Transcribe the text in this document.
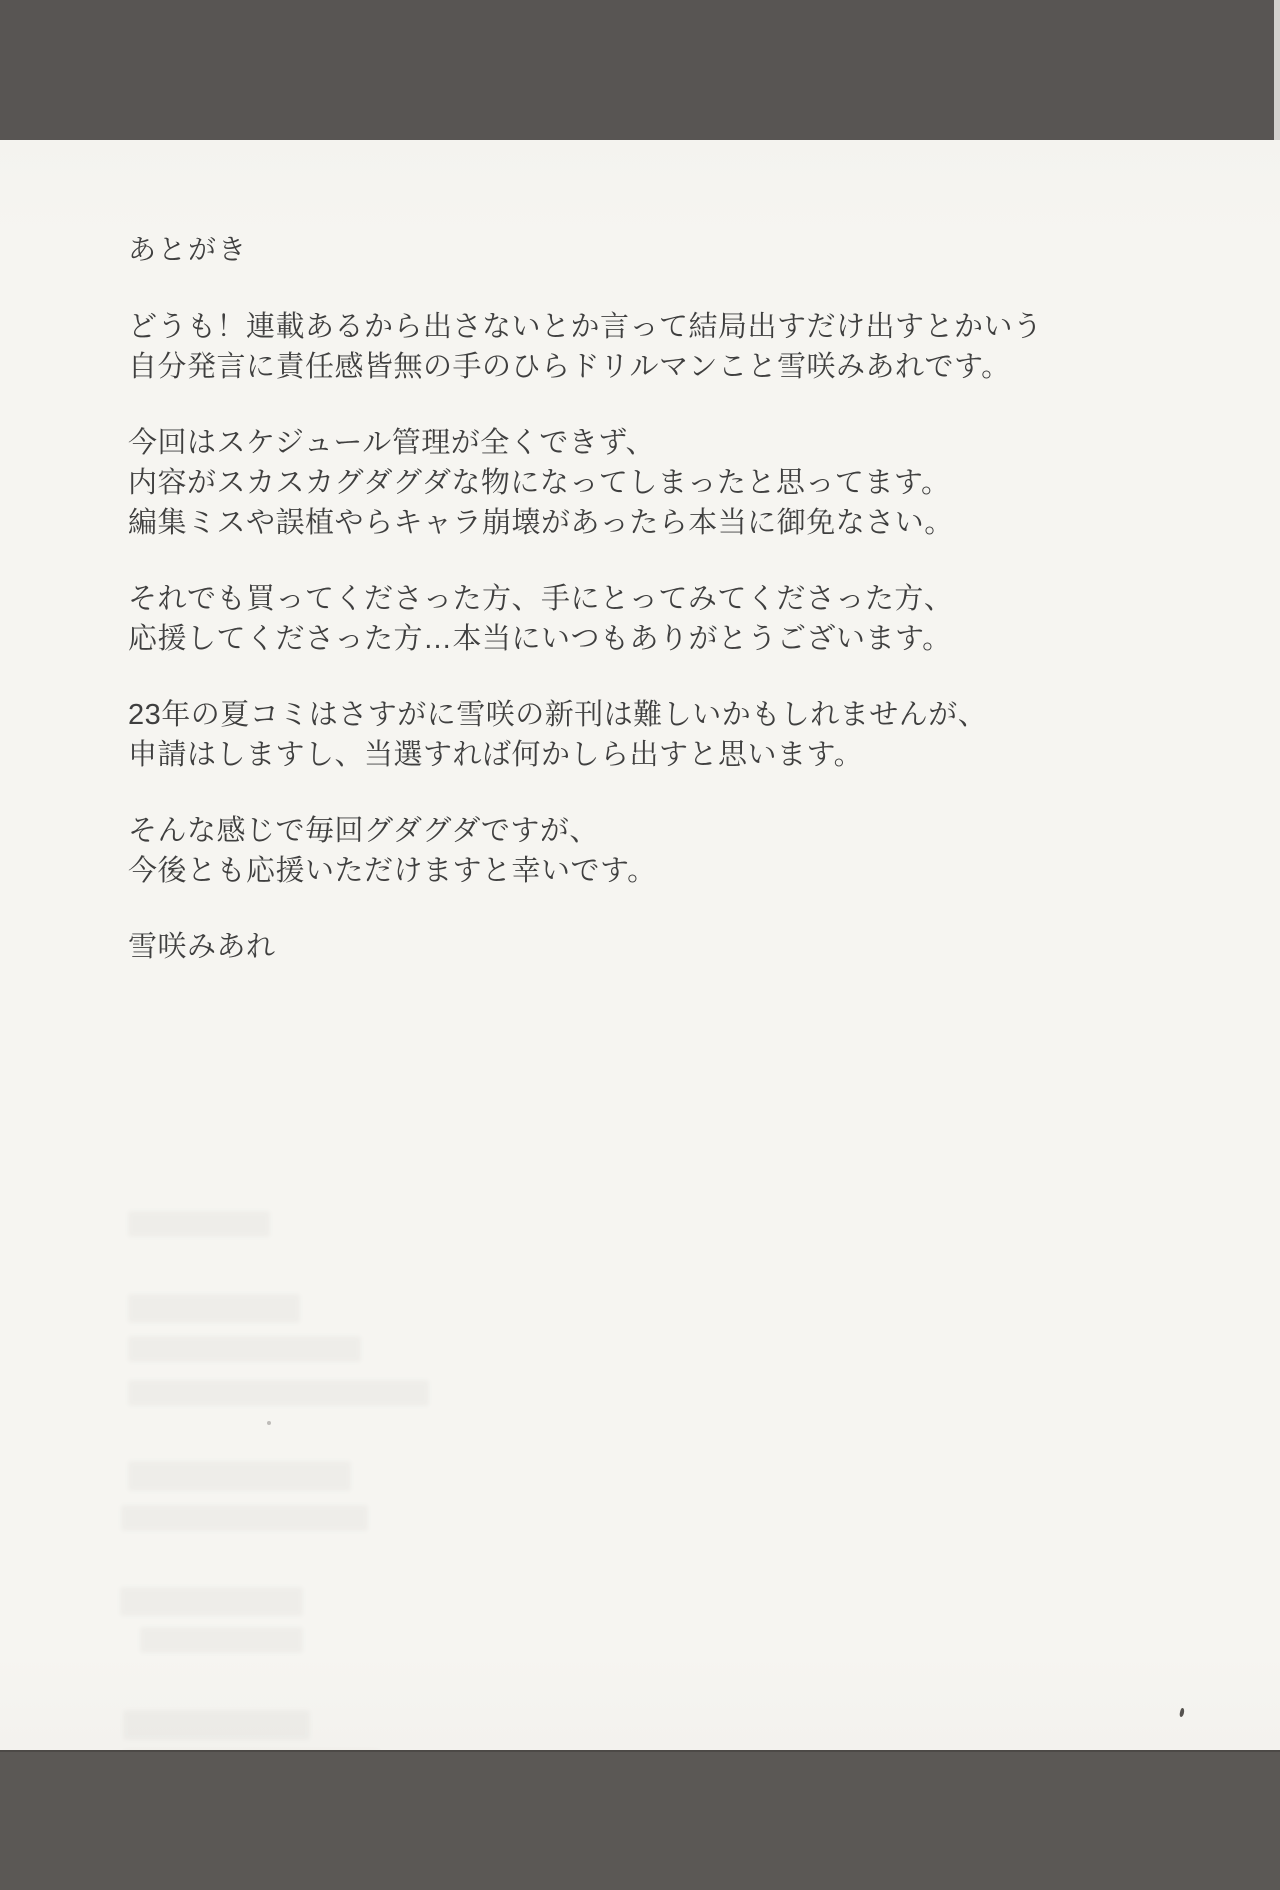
あとがき

どうも！連載あるから出さないとか言って結局出すだけ出すとかいう
自分発言に責任感皆無の手のひらドリルマンこと雪咲みあれです。

今回はスケジュール管理が全くできず、
内容がスカスカグダグダな物になってしまったと思ってます。
編集ミスや誤植やらキャラ崩壊があったら本当に御免なさい。

それでも買ってくださった方、手にとってみてくださった方、
応援してくださった方…本当にいつもありがとうございます。

23年の夏コミはさすがに雪咲の新刊は難しいかもしれませんが、
申請はしますし、当選すれば何かしら出すと思います。

そんな感じで毎回グダグダですが、
今後とも応援いただけますと幸いです。

雪咲みあれ
